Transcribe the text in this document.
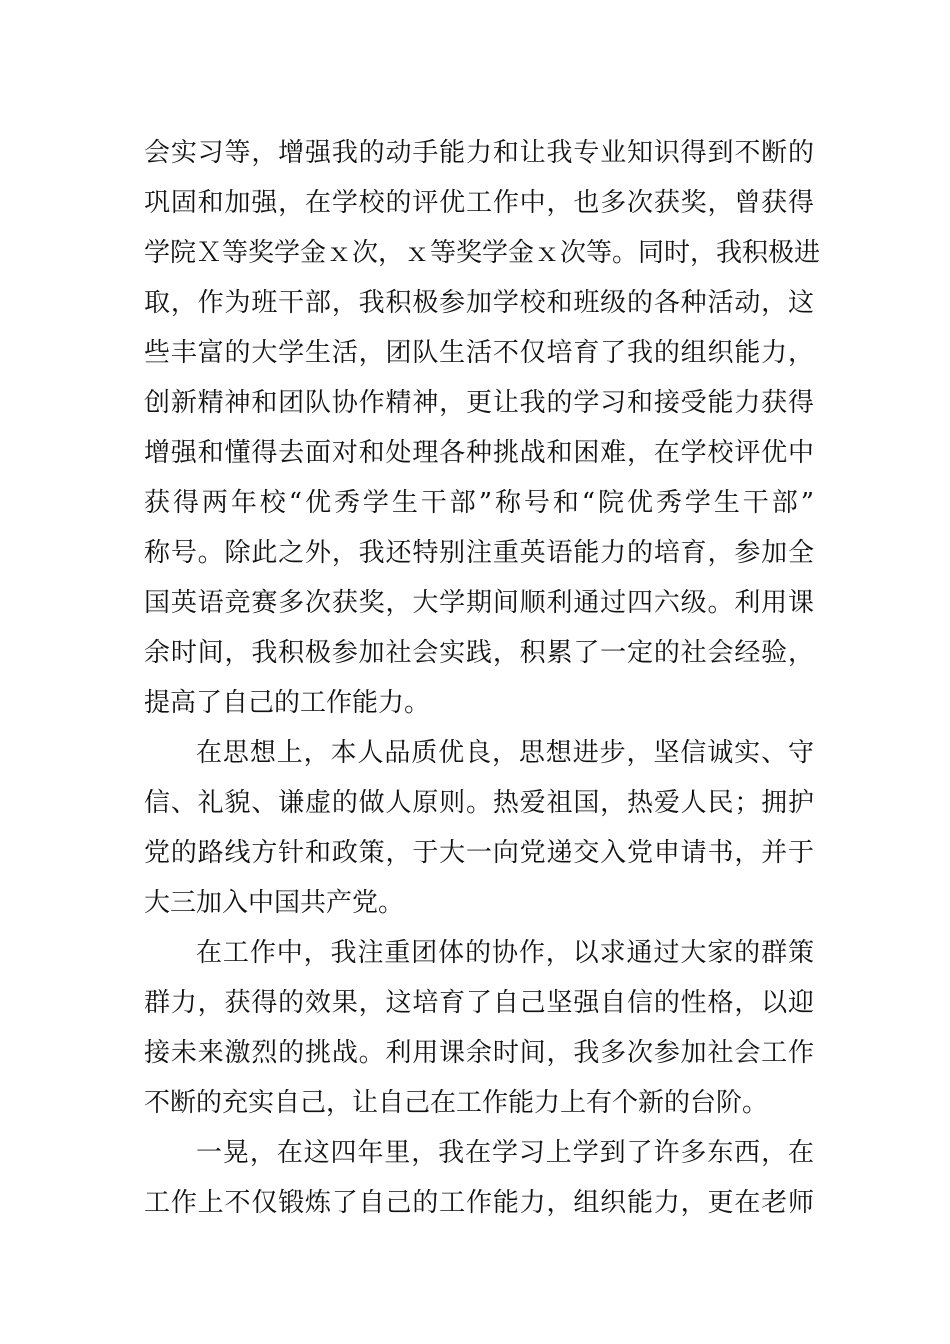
会实习等，增强我的动手能力和让我专业知识得到不断的
巩固和加强，在学校的评优工作中，也多次获奖，曾获得
学院Ｘ等奖学金ｘ次，ｘ等奖学金ｘ次等。同时，我积极进
取，作为班干部，我积极参加学校和班级的各种活动，这
些丰富的大学生活，团队生活不仅培育了我的组织能力，
创新精神和团队协作精神，更让我的学习和接受能力获得
增强和懂得去面对和处理各种挑战和困难，在学校评优中
获得两年校“优秀学生干部”称号和“院优秀学生干部”
称号。除此之外，我还特别注重英语能力的培育，参加全
国英语竞赛多次获奖，大学期间顺利通过四六级。利用课
余时间，我积极参加社会实践，积累了一定的社会经验，
提高了自己的工作能力。
在思想上，本人品质优良，思想进步，坚信诚实、守
信、礼貌、谦虚的做人原则。热爱祖国，热爱人民；拥护
党的路线方针和政策，于大一向党递交入党申请书，并于
大三加入中国共产党。
在工作中，我注重团体的协作，以求通过大家的群策
群力，获得的效果，这培育了自己坚强自信的性格，以迎
接未来激烈的挑战。利用课余时间，我多次参加社会工作
不断的充实自己，让自己在工作能力上有个新的台阶。
一晃，在这四年里，我在学习上学到了许多东西，在
工作上不仅锻炼了自己的工作能力，组织能力，更在老师
